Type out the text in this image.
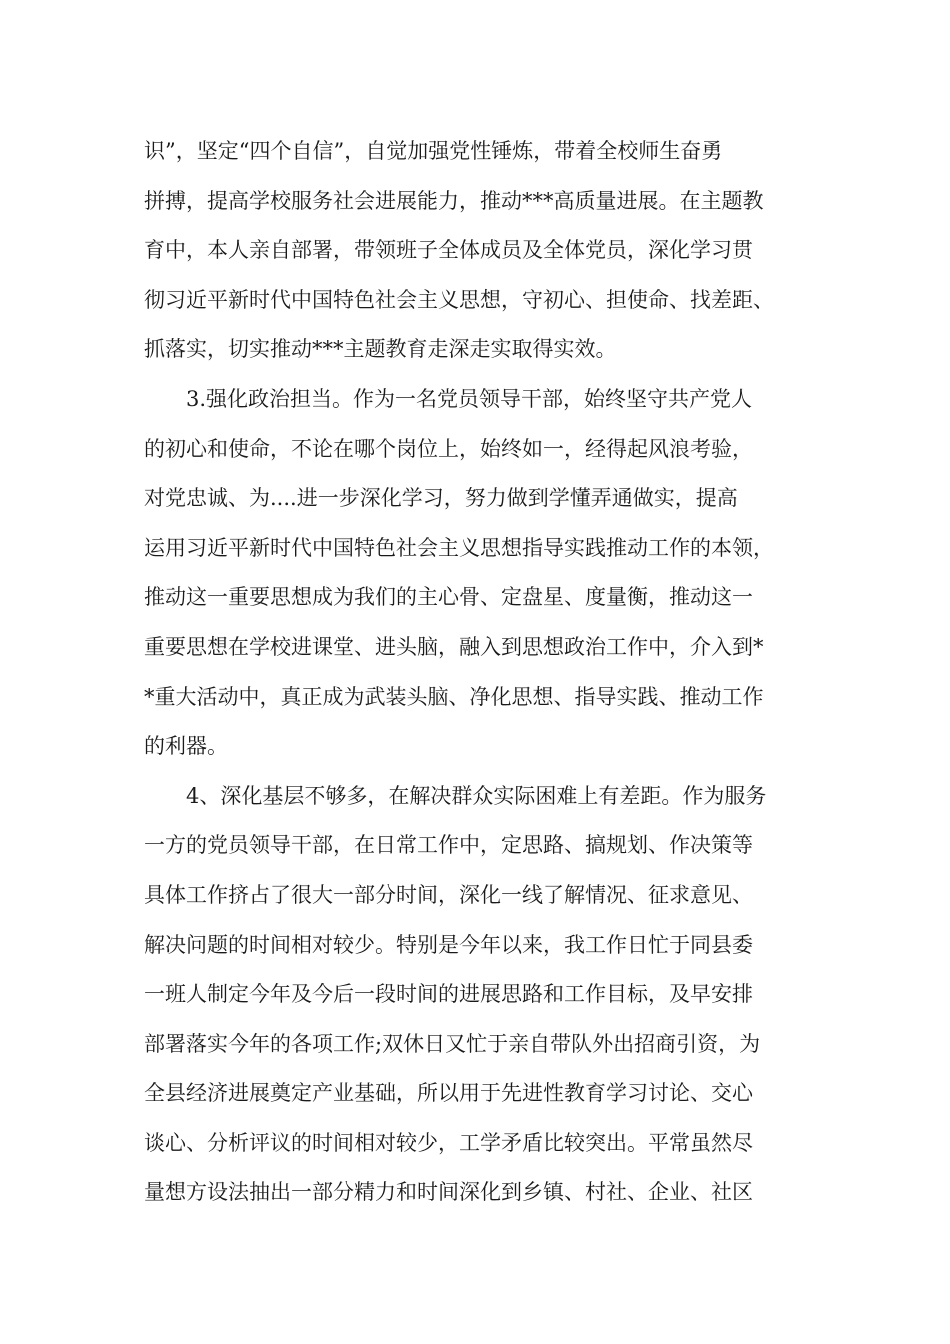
识”，坚定“四个自信”，自觉加强党性锤炼，带着全校师生奋勇
拼搏，提高学校服务社会进展能力，推动***高质量进展。在主题教
育中，本人亲自部署，带领班子全体成员及全体党员，深化学习贯
彻习近平新时代中国特色社会主义思想，守初心、担使命、找差距、
抓落实，切实推动***主题教育走深走实取得实效。
3.强化政治担当。作为一名党员领导干部，始终坚守共产党人
的初心和使命，不论在哪个岗位上，始终如一，经得起风浪考验，
对党忠诚、为....进一步深化学习，努力做到学懂弄通做实，提高
运用习近平新时代中国特色社会主义思想指导实践推动工作的本领，
推动这一重要思想成为我们的主心骨、定盘星、度量衡，推动这一
重要思想在学校进课堂、进头脑，融入到思想政治工作中，介入到*
*重大活动中，真正成为武装头脑、净化思想、指导实践、推动工作
的利器。
4、深化基层不够多，在解决群众实际困难上有差距。作为服务
一方的党员领导干部，在日常工作中，定思路、搞规划、作决策等
具体工作挤占了很大一部分时间，深化一线了解情况、征求意见、
解决问题的时间相对较少。特别是今年以来，我工作日忙于同县委
一班人制定今年及今后一段时间的进展思路和工作目标，及早安排
部署落实今年的各项工作;双休日又忙于亲自带队外出招商引资，为
全县经济进展奠定产业基础，所以用于先进性教育学习讨论、交心
谈心、分析评议的时间相对较少，工学矛盾比较突出。平常虽然尽
量想方设法抽出一部分精力和时间深化到乡镇、村社、企业、社区
